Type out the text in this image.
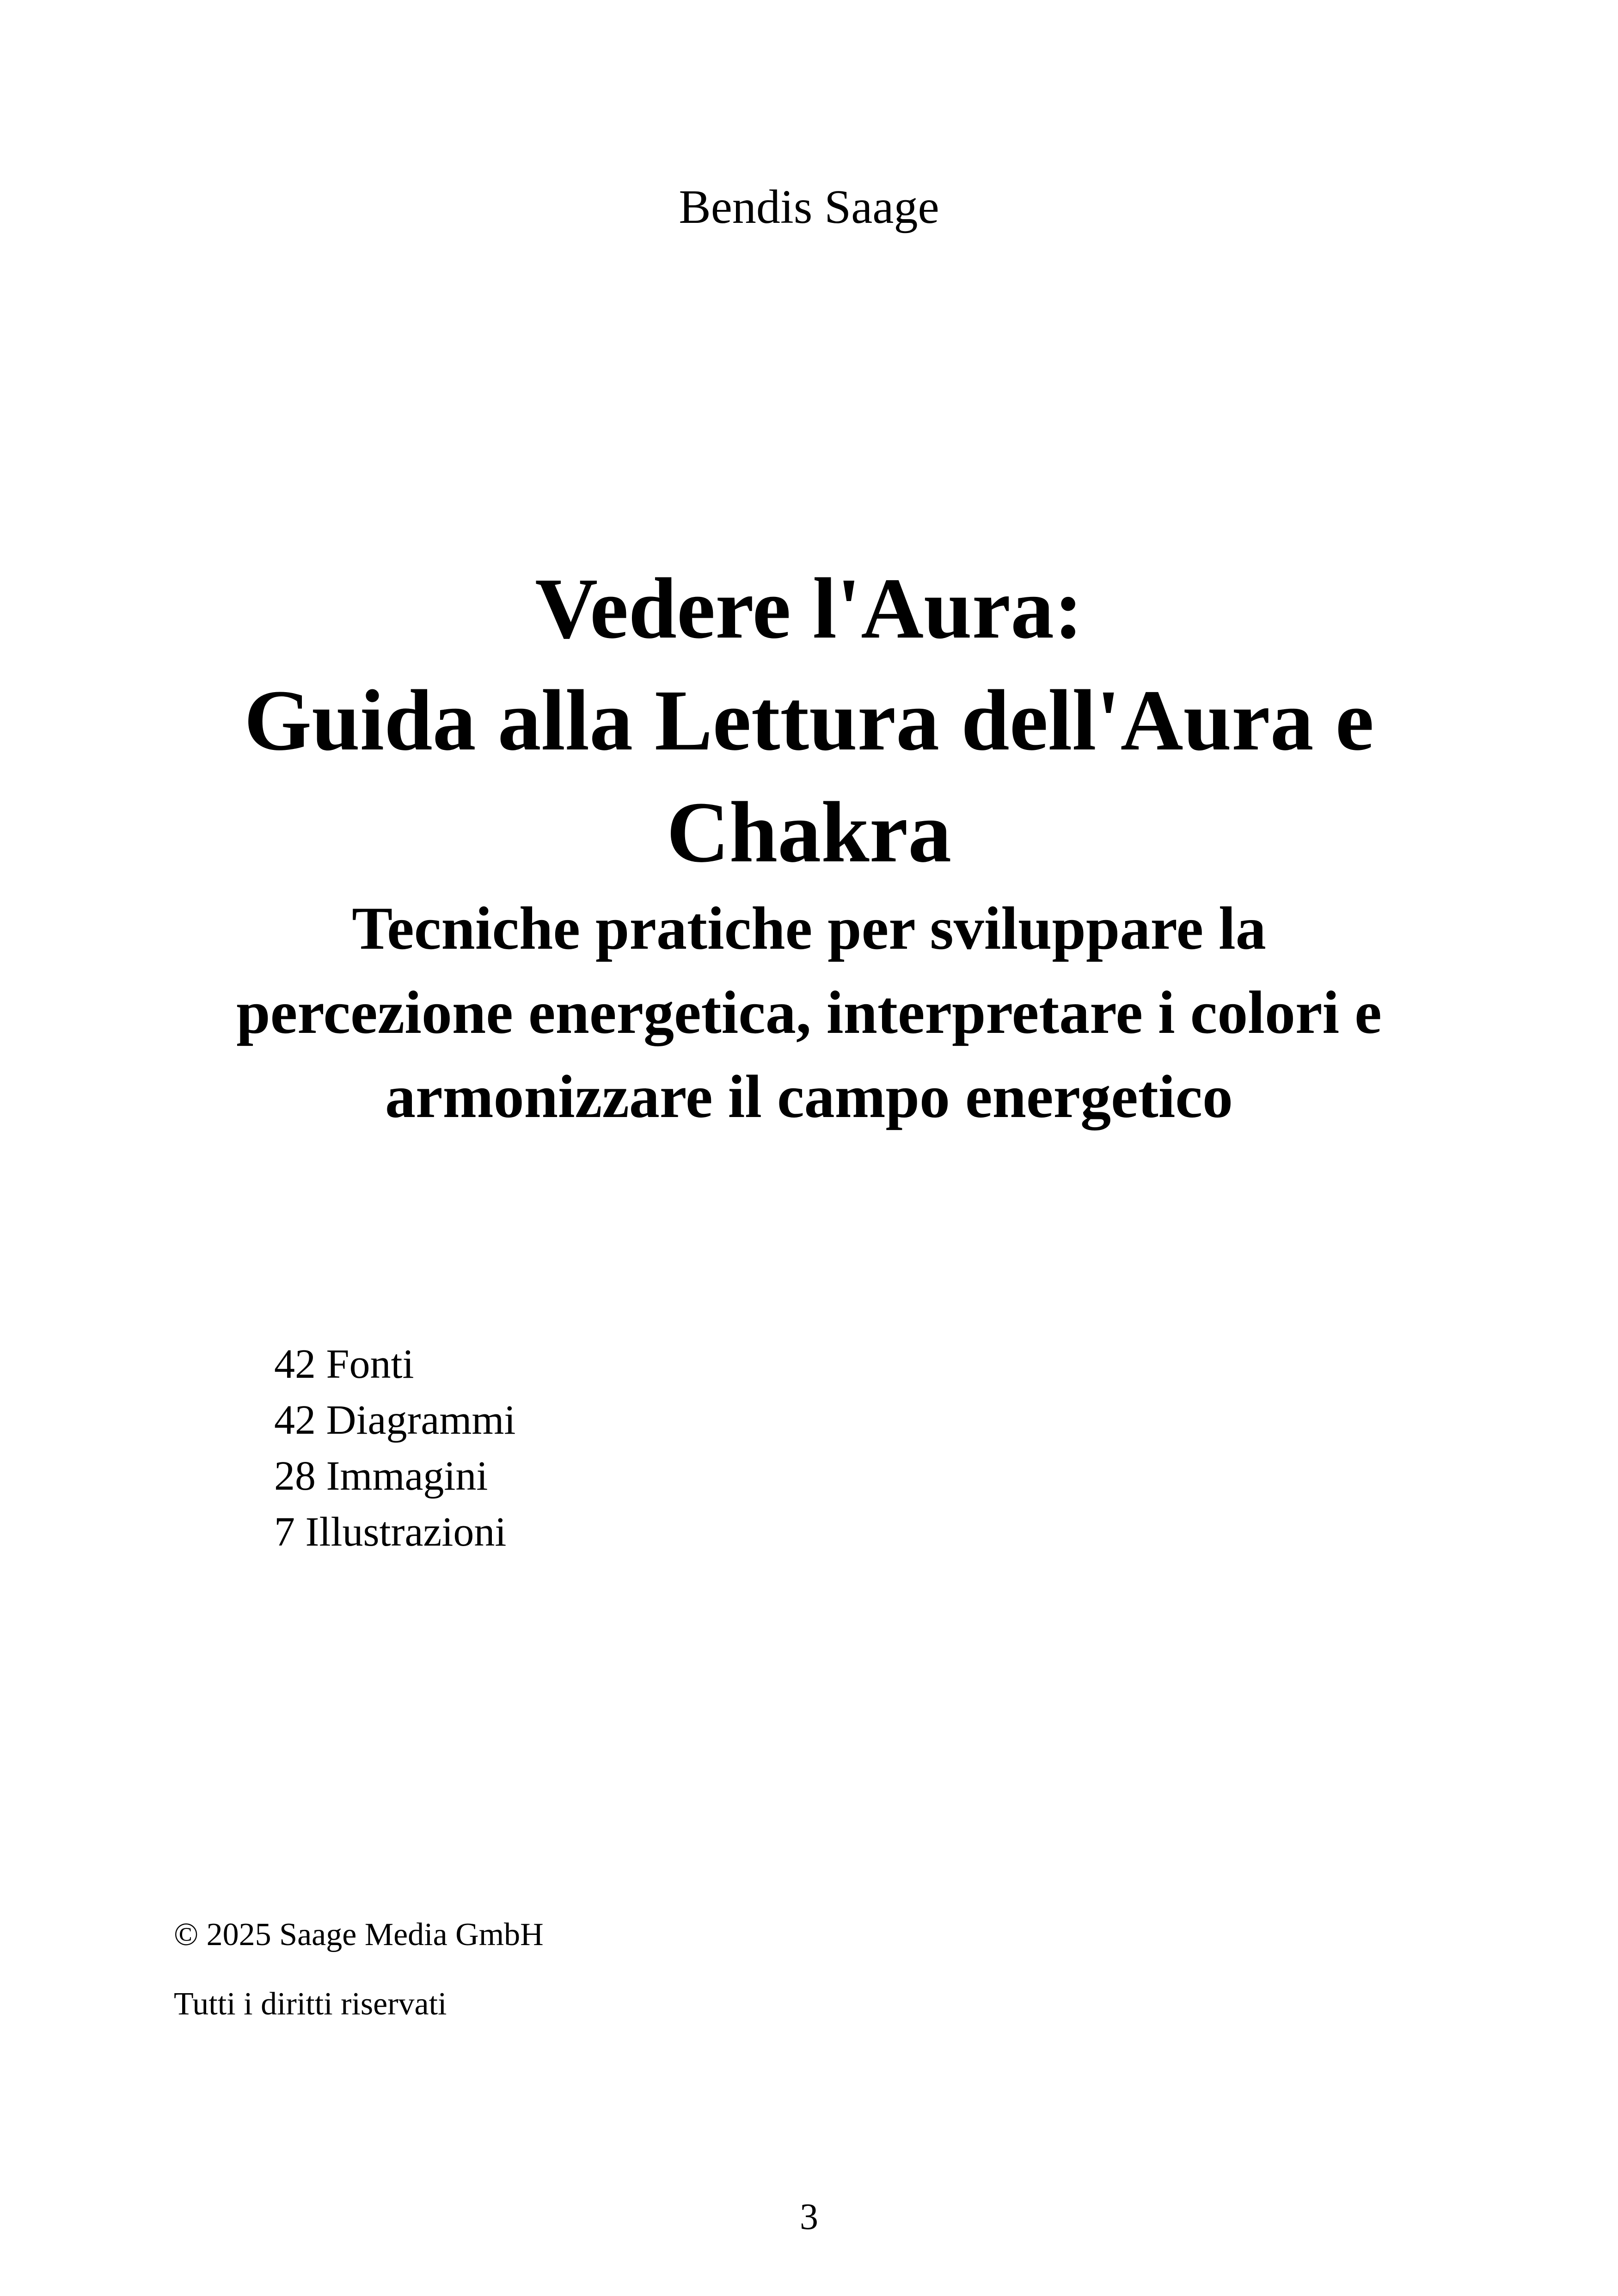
Bendis Saage
Vedere l'Aura:
Guida alla Lettura dell'Aura e
Chakra
Tecniche pratiche per sviluppare la
percezione energetica, interpretare i colori e
armonizzare il campo energetico
42 Fonti
42 Diagrammi
28 Immagini
7 Illustrazioni
© 2025 Saage Media GmbH
Tutti i diritti riservati
3
